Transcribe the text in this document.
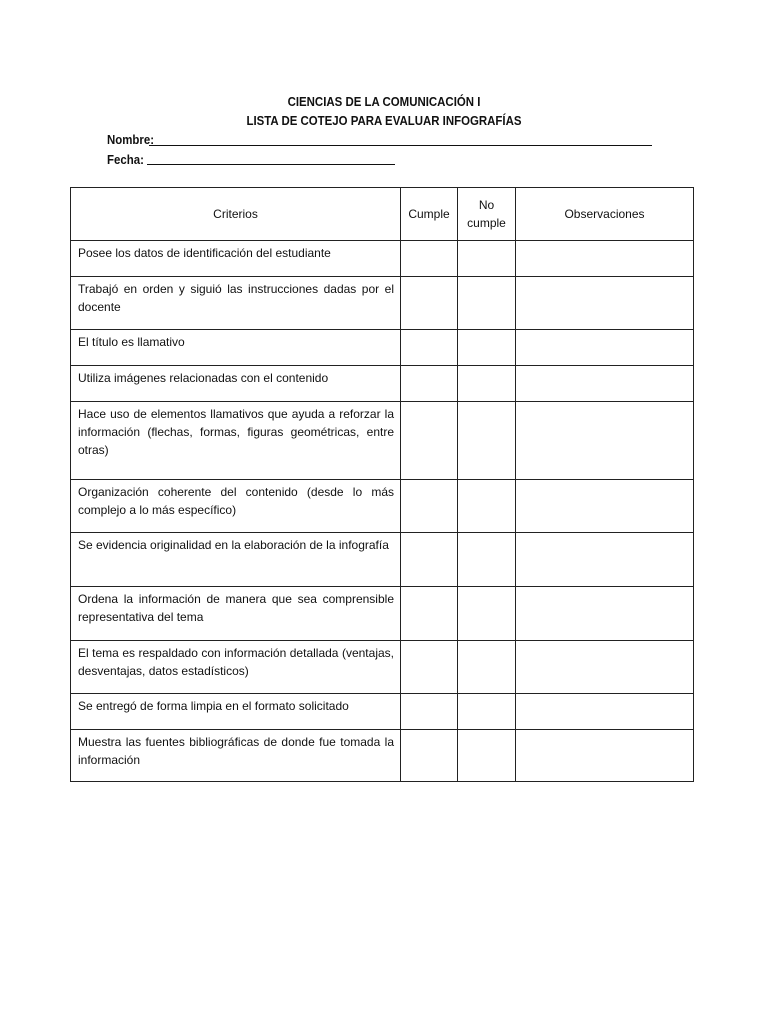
CIENCIAS DE LA COMUNICACIÓN I
LISTA DE COTEJO PARA EVALUAR INFOGRAFÍAS
Nombre:
Fecha:
Criterios	Cumple	No cumple	Observaciones

Posee los datos de identificación del estudiante			

Trabajó en orden y siguió las instrucciones dadas por el docente			

El título es llamativo			

Utiliza imágenes relacionadas con el contenido			

Hace uso de elementos llamativos que ayuda a reforzar la información (flechas, formas, figuras geométricas, entre otras)			

Organización coherente del contenido (desde lo más complejo a lo más específico)			

Se evidencia originalidad en la elaboración de la infografía			

Ordena la información de manera que sea comprensible representativa del tema			

El tema es respaldado con información detallada (ventajas, desventajas, datos estadísticos)			

Se entregó de forma limpia en el formato solicitado			

Muestra las fuentes bibliográficas de donde fue tomada la información			
